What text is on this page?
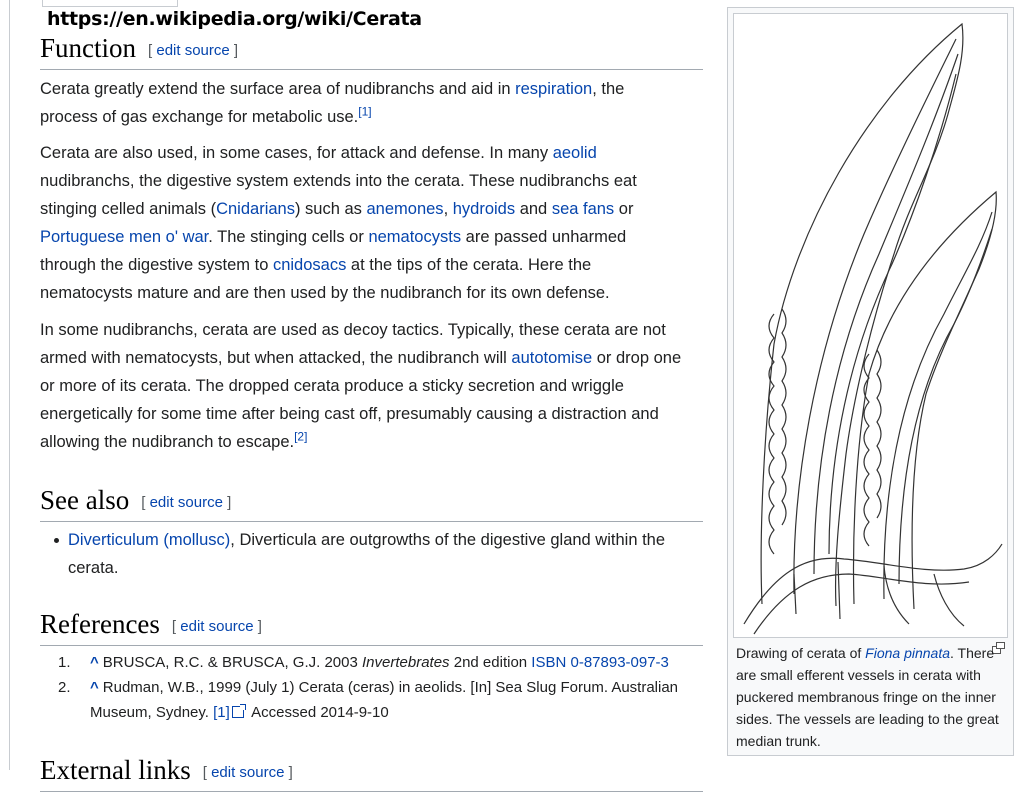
https://en.wikipedia.org/wiki/Cerata
Function [ edit source ]

Cerata greatly extend the surface area of nudibranchs and aid in respiration, the process of gas exchange for metabolic use.[1]

Cerata are also used, in some cases, for attack and defense. In many aeolid nudibranchs, the digestive system extends into the cerata. These nudibranchs eat stinging celled animals (Cnidarians) such as anemones, hydroids and sea fans or Portuguese men o' war. The stinging cells or nematocysts are passed unharmed through the digestive system to cnidosacs at the tips of the cerata. Here the nematocysts mature and are then used by the nudibranch for its own defense.

In some nudibranchs, cerata are used as decoy tactics. Typically, these cerata are not armed with nematocysts, but when attacked, the nudibranch will autotomise or drop one or more of its cerata. The dropped cerata produce a sticky secretion and wriggle energetically for some time after being cast off, presumably causing a distraction and allowing the nudibranch to escape.[2]

See also [ edit source ]
Diverticulum (mollusc), Diverticula are outgrowths of the digestive gland within the cerata.
References [ edit source ]
1. ^ BRUSCA, R.C. & BRUSCA, G.J. 2003 Invertebrates 2nd edition ISBN 0-87893-097-3
2. ^ Rudman, W.B., 1999 (July 1) Cerata (ceras) in aeolids. [In] Sea Slug Forum. Australian Museum, Sydney. [1] Accessed 2014-9-10
External links [ edit source ]
Drawing of cerata of Fiona pinnata. There are small efferent vessels in cerata with puckered membranous fringe on the inner sides. The vessels are leading to the great median trunk.
